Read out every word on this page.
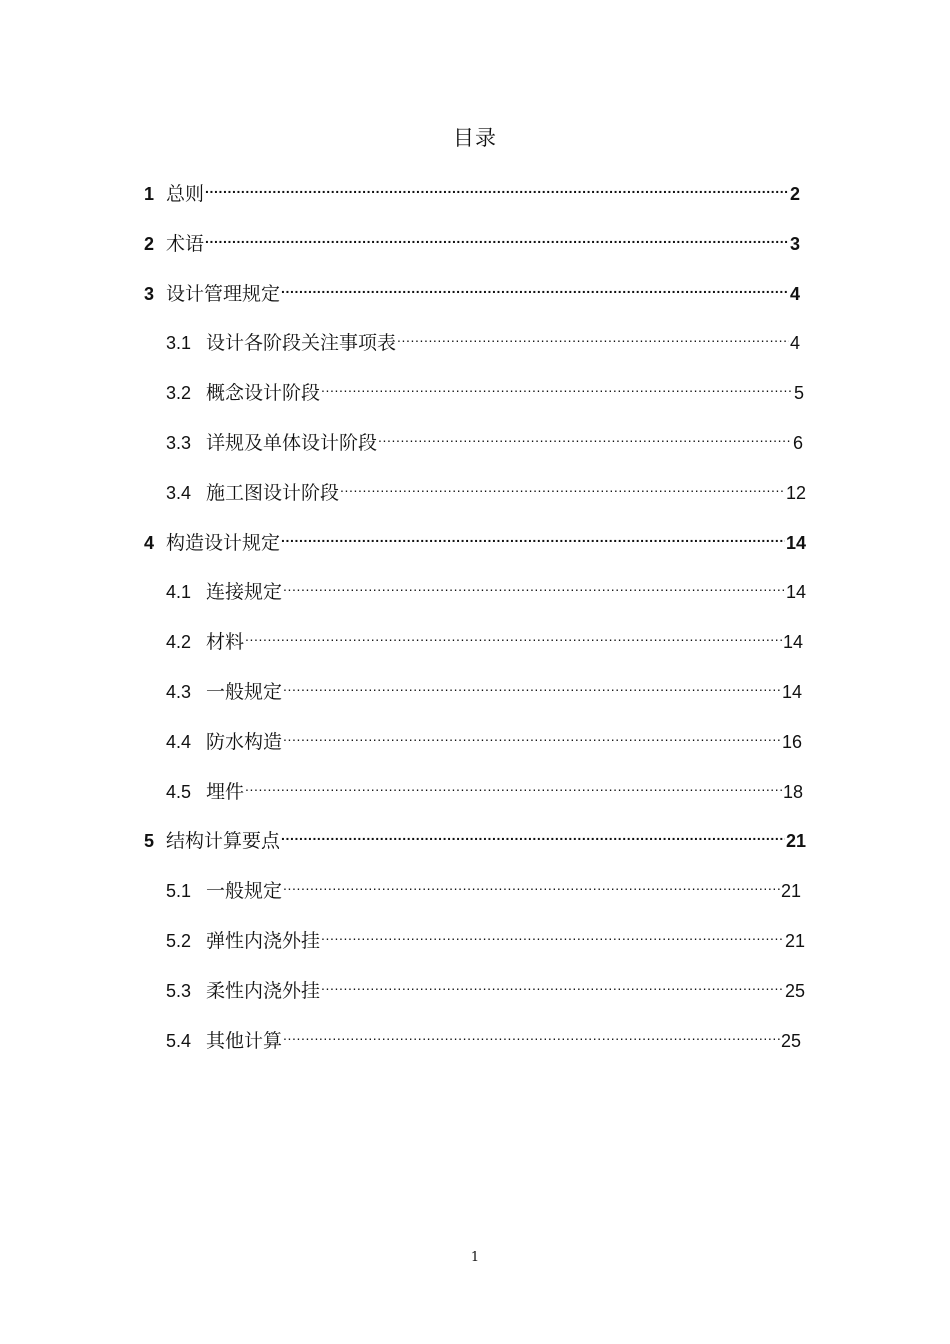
目录
1 总则 .....	2
2 术语 .....	3
3 设计管理规定 .....	4
3.1 设计各阶段关注事项表 .....	4
3.2 概念设计阶段 .....	5
3.3 详规及单体设计阶段 .....	6
3.4 施工图设计阶段 .....	12
4 构造设计规定 .....	14
4.1 连接规定 .....	14
4.2 材料 .....	14
4.3 一般规定 .....	14
4.4 防水构造 .....	16
4.5 埋件 .....	18
5 结构计算要点 .....	21
5.1 一般规定 .....	21
5.2 弹性内浇外挂 .....	21
5.3 柔性内浇外挂 .....	25
5.4 其他计算 .....	25
1
